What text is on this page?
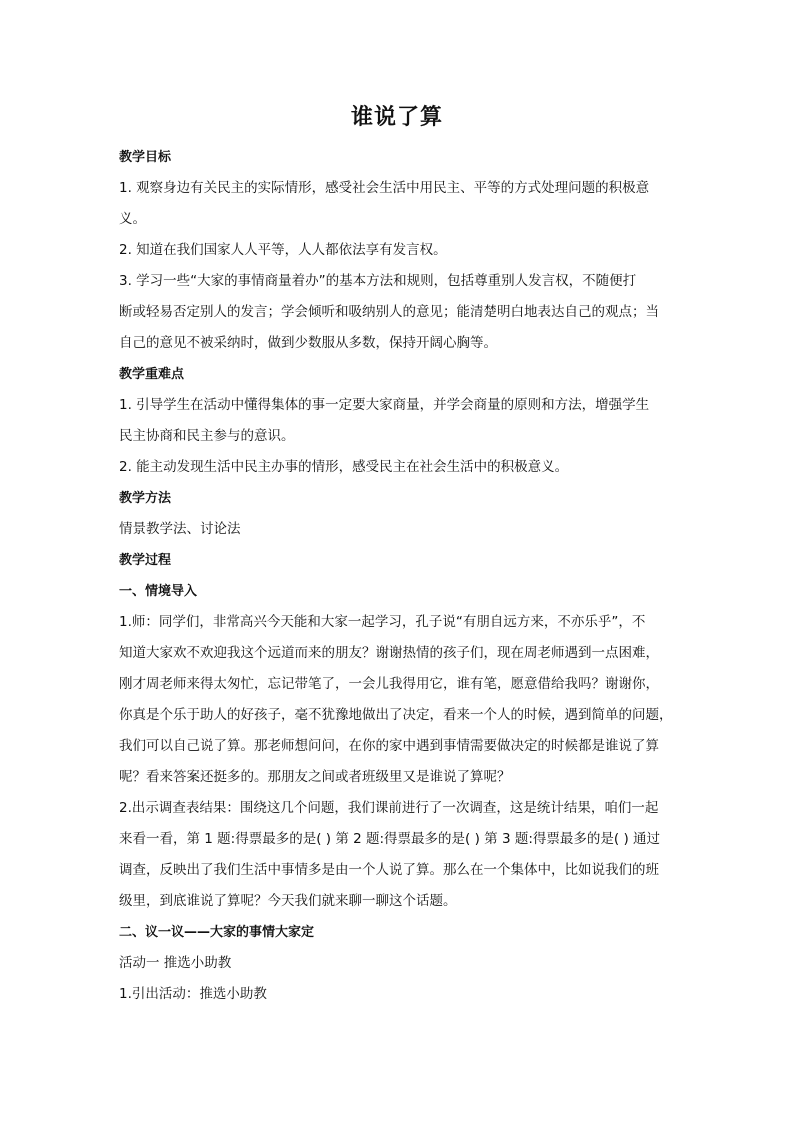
谁说了算

教学目标

1. 观察身边有关民主的实际情形，感受社会生活中用民主、平等的方式处理问题的积极意

义。

2. 知道在我们国家人人平等，人人都依法享有发言权。

3. 学习一些“大家的事情商量着办”的基本方法和规则，包括尊重别人发言权，不随便打

断或轻易否定别人的发言；学会倾听和吸纳别人的意见；能清楚明白地表达自己的观点；当

自己的意见不被采纳时，做到少数服从多数，保持开阔心胸等。

教学重难点

1. 引导学生在活动中懂得集体的事一定要大家商量，并学会商量的原则和方法，增强学生

民主协商和民主参与的意识。

2. 能主动发现生活中民主办事的情形，感受民主在社会生活中的积极意义。

教学方法

情景教学法、讨论法

教学过程

一、情境导入

1.师：同学们，非常高兴今天能和大家一起学习，孔子说“有朋自远方来，不亦乐乎”，不

知道大家欢不欢迎我这个远道而来的朋友？谢谢热情的孩子们，现在周老师遇到一点困难，

刚才周老师来得太匆忙，忘记带笔了，一会儿我得用它，谁有笔，愿意借给我吗？谢谢你，

你真是个乐于助人的好孩子，毫不犹豫地做出了决定，看来一个人的时候，遇到简单的问题，

我们可以自己说了算。那老师想问问，在你的家中遇到事情需要做决定的时候都是谁说了算

呢？看来答案还挺多的。那朋友之间或者班级里又是谁说了算呢？

2.出示调查表结果：围绕这几个问题，我们课前进行了一次调查，这是统计结果，咱们一起

来看一看，第 1 题:得票最多的是( ) 第 2 题:得票最多的是( ) 第 3 题:得票最多的是( ) 通过

调查，反映出了我们生活中事情多是由一个人说了算。那么在一个集体中，比如说我们的班

级里，到底谁说了算呢？今天我们就来聊一聊这个话题。

二、议一议——大家的事情大家定

活动一 推选小助教

1.引出活动：推选小助教
